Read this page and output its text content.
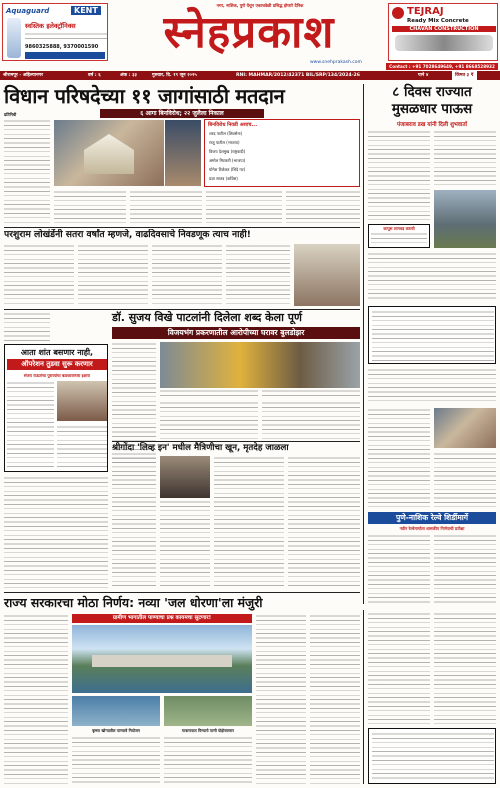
Aquaguard	KENT
स्वस्तिक इलेक्ट्रॉनिक्स
9860325888, 9370001590
नगर, नाशिक, पुणे येथून एकाचवेळी प्रसिद्ध होणारे दैनिक
स्नेहप्रकाश
www.snehprakash.com
TEJRAJ
Ready Mix Concrete
CHAVAN CONSTRUCTION
Contact : +91 7028649649, +91 8668528932
श्रीरामपूर - अहिल्यानगर	वर्ष : ६	अंक : ३३	गुरुवार, दि. १९ जून २०२५	RNI: MAHMAR/2012/42371 BIL/SRP/134/2024-26	पाने ४	किंमत ३ ₹
विधान परिषदेच्या ११ जागांसाठी मतदान
६ आगा बिनविरोध; २२ जुलैला निकाल
प्रतिनिधी
बिनविरोध निवडी अशाच...
शरद पाटील (शिवसेना)
राजू पाटील (भाजपा)
विजय देशमुख (राष्ट्रवादी)
अमोल मिटकरी (भाजपा)
योगेश टिळेकर (शिंदे गट)
प्रज्ञा सातव (काँग्रेस)
८ दिवस राज्यात मुसळधार पाऊस
पंजाबराव डख यांनी दिली शुभवार्ता
कापूस लागवड करावी
परशुराम लोखंडेंनी सतरा वर्षांत म्हणजे, वाढदिवसाचे निवडणूक त्याच नाही!
डॉ. सुजय विखे पाटलांनी दिलेला शब्द केला पूर्ण
विजयभंग प्रकरणातील आरोपीच्या घरावर बुलडोझर
आता शांत बसणार नाही,
ऑपरेशन तुडवा सुरू करणार
संजय राऊतांचा पुराव्यांचा बळकावणारा इशारा
श्रीगोंदा 'लिव्ह इन' मधील मैत्रिणीचा खून, मृतदेह जाळला
पुणे-नाशिक रेल्वे शिर्डीमार्गे
नवीन रेल्वेमार्गाला शासकीय निर्णयाची प्रतीक्षा
राज्य सरकारचा मोठा निर्णय: नव्या 'जल धोरणा'ला मंजुरी
ग्रामीण भागातील पाण्याचा प्रश्न कायमचा सुटणार!
कृष्णा खोऱ्यातील पाण्याचे नियोजन	गावागावात पिण्याचे पाणी पोहोचवणार
